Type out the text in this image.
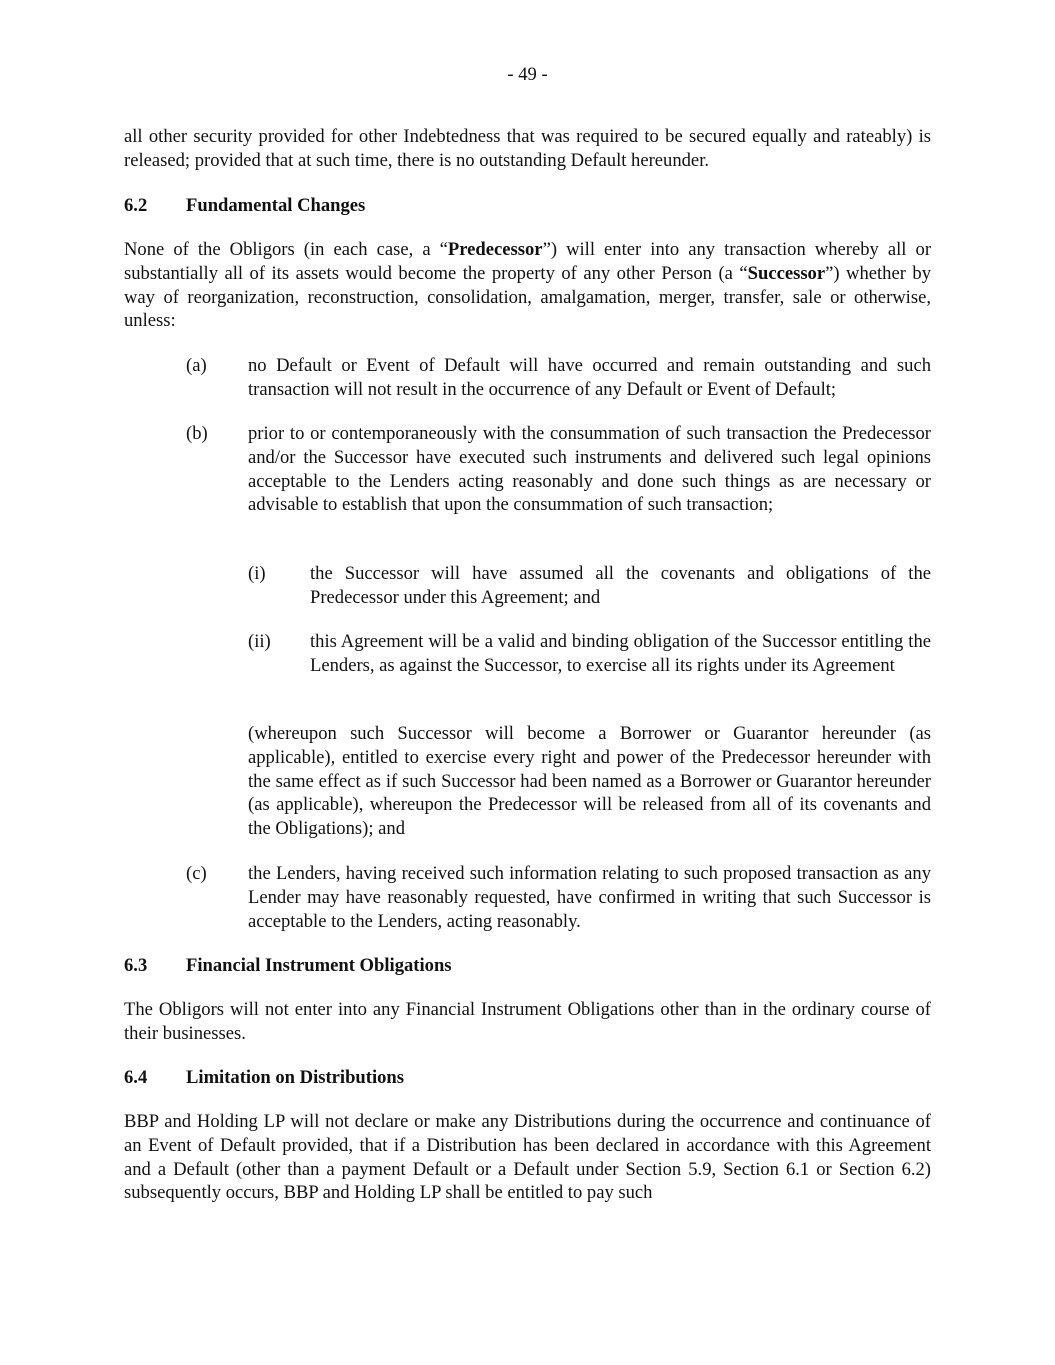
- 49 -

all other security provided for other Indebtedness that was required to be secured equally and rateably) is released; provided that at such time, there is no outstanding Default hereunder.

6.2 Fundamental Changes

None of the Obligors (in each case, a “Predecessor”) will enter into any transaction whereby all or substantially all of its assets would become the property of any other Person (a “Successor”) whether by way of reorganization, reconstruction, consolidation, amalgamation, merger, transfer, sale or otherwise, unless:

(a) no Default or Event of Default will have occurred and remain outstanding and such transaction will not result in the occurrence of any Default or Event of Default;

(b) prior to or contemporaneously with the consummation of such transaction the Predecessor and/or the Successor have executed such instruments and delivered such legal opinions acceptable to the Lenders acting reasonably and done such things as are necessary or advisable to establish that upon the consummation of such transaction;

(i) the Successor will have assumed all the covenants and obligations of the Predecessor under this Agreement; and

(ii) this Agreement will be a valid and binding obligation of the Successor entitling the Lenders, as against the Successor, to exercise all its rights under its Agreement

(whereupon such Successor will become a Borrower or Guarantor hereunder (as applicable), entitled to exercise every right and power of the Predecessor hereunder with the same effect as if such Successor had been named as a Borrower or Guarantor hereunder (as applicable), whereupon the Predecessor will be released from all of its covenants and the Obligations); and

(c) the Lenders, having received such information relating to such proposed transaction as any Lender may have reasonably requested, have confirmed in writing that such Successor is acceptable to the Lenders, acting reasonably.

6.3 Financial Instrument Obligations

The Obligors will not enter into any Financial Instrument Obligations other than in the ordinary course of their businesses.

6.4 Limitation on Distributions

BBP and Holding LP will not declare or make any Distributions during the occurrence and continuance of an Event of Default provided, that if a Distribution has been declared in accordance with this Agreement and a Default (other than a payment Default or a Default under Section 5.9, Section 6.1 or Section 6.2) subsequently occurs, BBP and Holding LP shall be entitled to pay such
